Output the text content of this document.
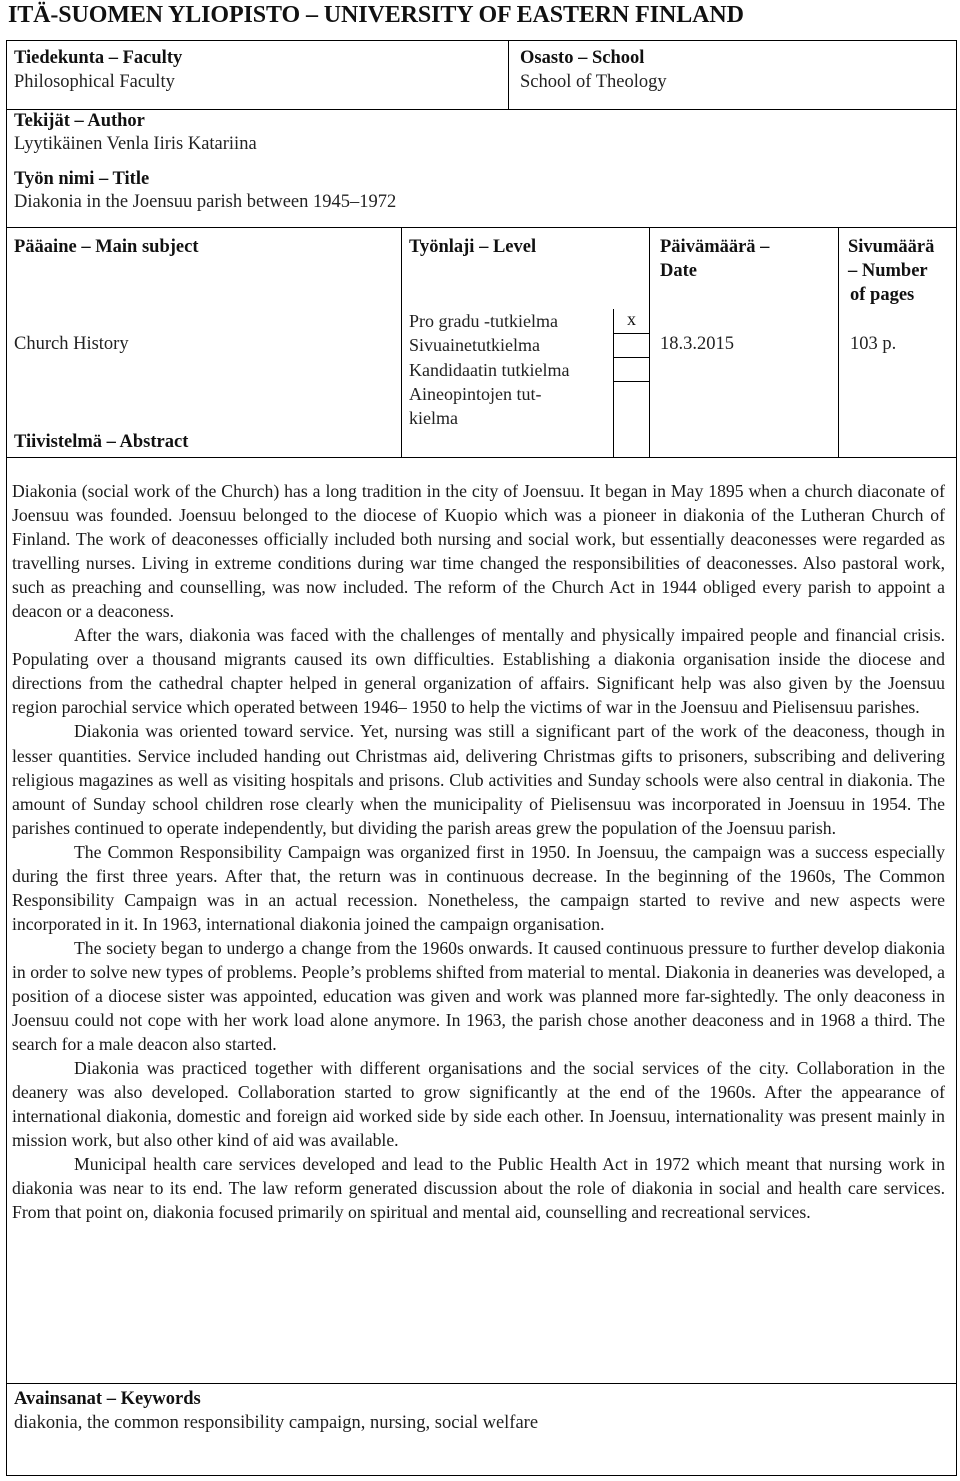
ITÄ-SUOMEN YLIOPISTO – UNIVERSITY OF EASTERN FINLAND
Tiedekunta – Faculty
Philosophical Faculty
Osasto – School
School of Theology
Tekijät – Author
Lyytikäinen Venla Iiris Katariina
Työn nimi – Title
Diakonia in the Joensuu parish between 1945–1972
Pääaine – Main subject
Church History
Työnlaji – Level
Pro gradu -tutkielma
Sivuainetutkielma
Kandidaatin tutkielma
Aineopintojen tut-
kielma
x
Päivämäärä –
Date
18.3.2015
Sivumäärä
– Number
of pages
103 p.
Tiivistelmä – Abstract

Diakonia (social work of the Church) has a long tradition in the city of Joensuu. It began in May 1895 when a church diaconate of Joensuu was founded. Joensuu belonged to the diocese of Kuopio which was a pioneer in diakonia of the Lutheran Church of Finland. The work of deaconesses officially included both nursing and social work, but essentially deaconesses were regarded as travelling nurses. Living in extreme conditions during war time changed the responsibilities of deaconesses. Also pastoral work, such as preaching and counselling, was now included. The reform of the Church Act in 1944 obliged every parish to appoint a deacon or a deaconess.

After the wars, diakonia was faced with the challenges of mentally and physically impaired people and financial crisis. Populating over a thousand migrants caused its own difficulties. Establishing a diakonia organisation inside the diocese and directions from the cathedral chapter helped in general organization of affairs. Significant help was also given by the Joensuu region parochial service which operated between 1946– 1950 to help the victims of war in the Joensuu and Pielisensuu parishes.

Diakonia was oriented toward service. Yet, nursing was still a significant part of the work of the deaconess, though in lesser quantities. Service included handing out Christmas aid, delivering Christmas gifts to prisoners, subscribing and delivering religious magazines as well as visiting hospitals and prisons. Club activities and Sunday schools were also central in diakonia. The amount of Sunday school children rose clearly when the municipality of Pielisensuu was incorporated in Joensuu in 1954. The parishes continued to operate independently, but dividing the parish areas grew the population of the Joensuu parish.

The Common Responsibility Campaign was organized first in 1950. In Joensuu, the campaign was a success especially during the first three years. After that, the return was in continuous decrease. In the beginning of the 1960s, The Common Responsibility Campaign was in an actual recession. Nonetheless, the campaign started to revive and new aspects were incorporated in it. In 1963, international diakonia joined the campaign organisation.

The society began to undergo a change from the 1960s onwards. It caused continuous pressure to further develop diakonia in order to solve new types of problems. People’s problems shifted from material to mental. Diakonia in deaneries was developed, a position of a diocese sister was appointed, education was given and work was planned more far-sightedly. The only deaconess in Joensuu could not cope with her work load alone anymore. In 1963, the parish chose another deaconess and in 1968 a third. The search for a male deacon also started.

Diakonia was practiced together with different organisations and the social services of the city. Collaboration in the deanery was also developed. Collaboration started to grow significantly at the end of the 1960s. After the appearance of international diakonia, domestic and foreign aid worked side by side each other. In Joensuu, internationality was present mainly in mission work, but also other kind of aid was available.

Municipal health care services developed and lead to the Public Health Act in 1972 which meant that nursing work in diakonia was near to its end. The law reform generated discussion about the role of diakonia in social and health care services. From that point on, diakonia focused primarily on spiritual and mental aid, counselling and recreational services.

Avainsanat – Keywords
diakonia, the common responsibility campaign, nursing, social welfare
